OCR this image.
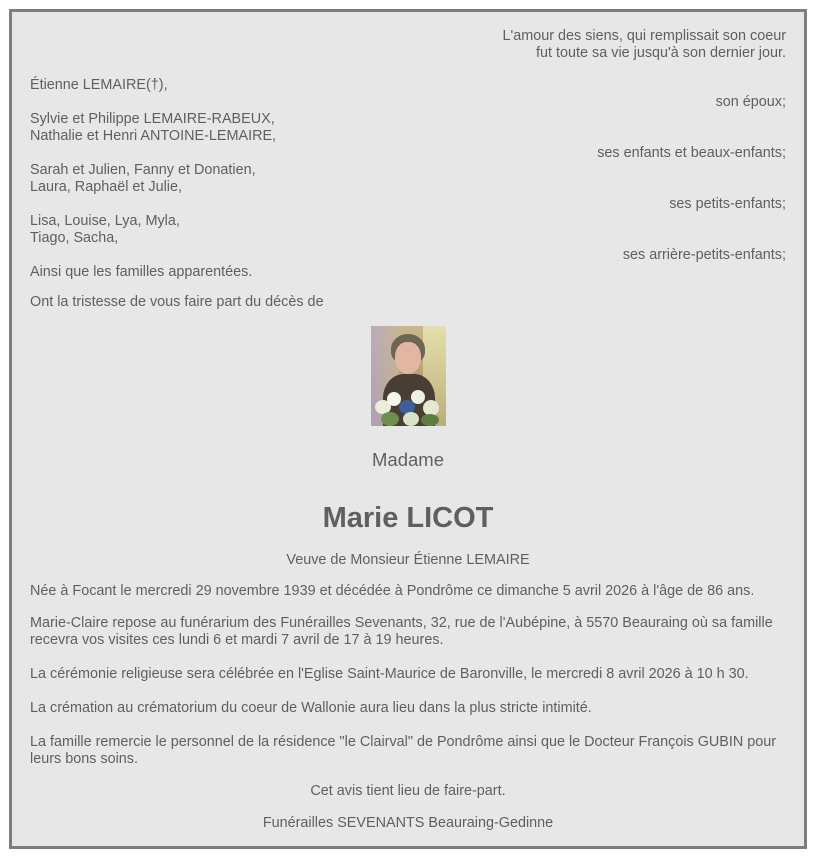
L'amour des siens, qui remplissait son coeur
fut toute sa vie jusqu'à son dernier jour.
Étienne LEMAIRE(†),
son époux;
Sylvie et Philippe LEMAIRE-RABEUX,
Nathalie et Henri ANTOINE-LEMAIRE,
ses enfants et beaux-enfants;
Sarah et Julien, Fanny et Donatien,
Laura, Raphaël et Julie,
ses petits-enfants;
Lisa, Louise, Lya, Myla,
Tiago, Sacha,
ses arrière-petits-enfants;
Ainsi que les familles apparentées.
Ont la tristesse de vous faire part du décès de
Madame
Marie LICOT
Veuve de Monsieur Étienne LEMAIRE
Née à Focant le mercredi 29 novembre 1939 et décédée à Pondrôme ce dimanche 5 avril 2026 à l'âge de 86 ans.
Marie-Claire repose au funérarium des Funérailles Sevenants, 32, rue de l'Aubépine, à 5570 Beauraing où sa famille
recevra vos visites ces lundi 6 et mardi 7 avril de 17 à 19 heures.
La cérémonie religieuse sera célébrée en l'Eglise Saint-Maurice de Baronville, le mercredi 8 avril 2026 à 10 h 30.
La crémation au crématorium du coeur de Wallonie aura lieu dans la plus stricte intimité.
La famille remercie le personnel de la résidence "le Clairval" de Pondrôme ainsi que le Docteur François GUBIN pour
leurs bons soins.
Cet avis tient lieu de faire-part.
Funérailles SEVENANTS Beauraing-Gedinne
